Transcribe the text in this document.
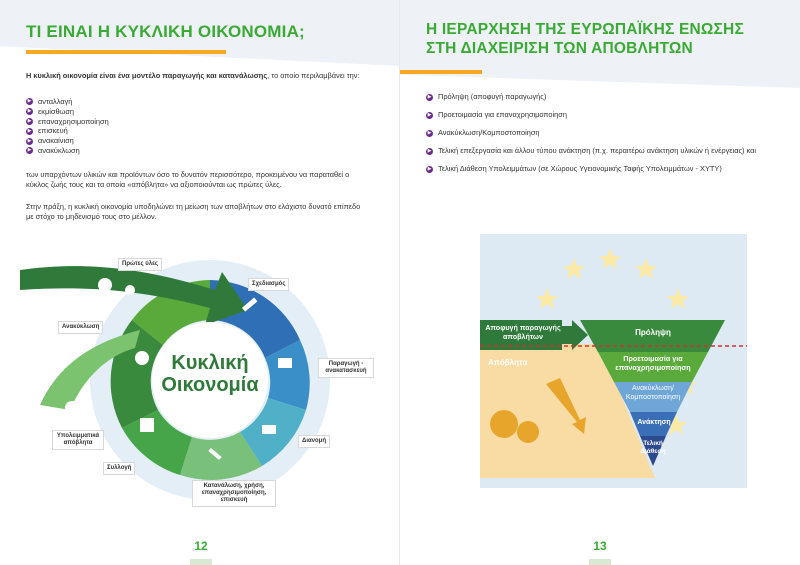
ΤΙ ΕΙΝΑΙ Η ΚΥΚΛΙΚΗ ΟΙΚΟΝΟΜΙΑ;
Η κυκλική οικονομία είναι ένα μοντέλο παραγωγής και κατανάλωσης, το οποίο περιλαμβάνει την:
▶ ανταλλαγή
▶ εκμίσθωση
▶ επαναχρησιμοποίηση
▶ επισκευή
▶ ανακαίνιση
▶ ανακύκλωση
των υπαρχόντων υλικών και προϊόντων όσο το δυνατόν περισσότερο, προκειμένου να παραταθεί ο κύκλος ζωής τους και τα οποία «απόβλητα» να αξιοποιούνται ως πρώτες ύλες.
Στην πράξη, η κυκλική οικονομία υποδηλώνει τη μείωση των αποβλήτων στο ελάχιστο δυνατό επίπεδο με στόχο το μηδενισμό τους στο μέλλον.
Κυκλική
Οικονομία
Πρώτες ύλες
Σχεδιασμός
Παραγωγή - ανακατασκευή
Διανομή
Κατανάλωση, χρήση, επαναχρησιμοποίηση, επισκευή
Συλλογή
Υπολειμματικά απόβλητα
Ανακύκλωση
12
Η ΙΕΡΑΡΧΗΣΗ ΤΗΣ ΕΥΡΩΠΑΪΚΗΣ ΕΝΩΣΗΣ
ΣΤΗ ΔΙΑΧΕΙΡΙΣΗ ΤΩΝ ΑΠΟΒΛΗΤΩΝ
▶ Πρόληψη (αποφυγή παραγωγής)
▶ Προετοιμασία για επαναχρησιμοποίηση
▶ Ανακύκλωση/Κομποστοποίηση
▶ Τελική επεξεργασία και άλλου τύπου ανάκτηση (π.χ. περαιτέρω ανάκτηση υλικών ή ενέργειας) και
▶ Τελική Διάθεση Υπολειμμάτων (σε Χώρους Υγειονομικής Ταφής Υπολειμμάτων - ΧΥΤΥ)
Αποφυγή παραγωγής αποβλήτων
Απόβλητα
Πρόληψη
Προετοιμασία για επαναχρησιμοποίηση
Ανακύκλωση/ Κομποστοποίηση
Ανάκτηση
Τελική Διάθεση
13
